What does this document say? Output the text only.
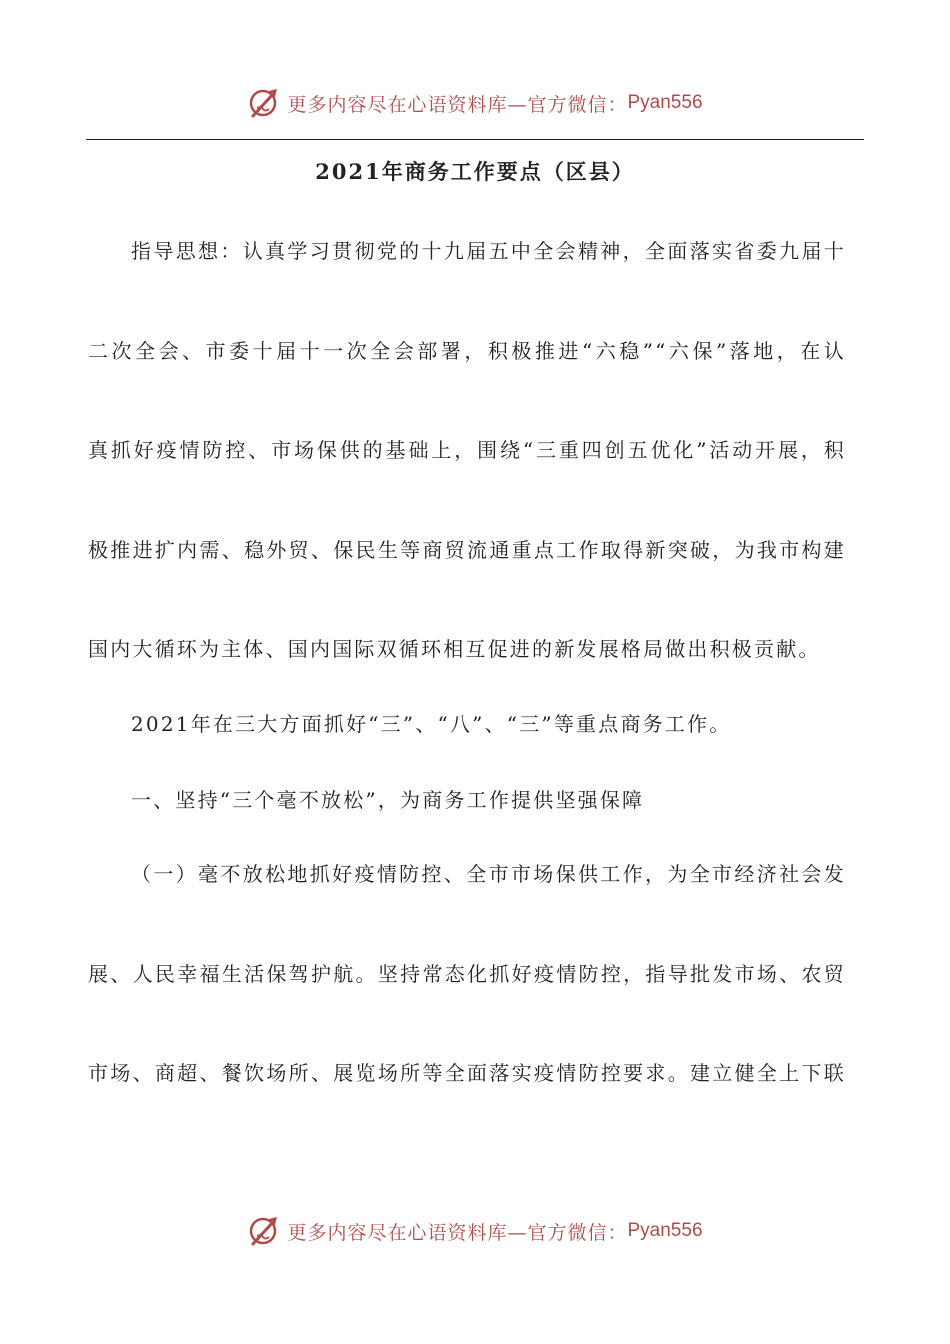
更多内容尽在心语资料库—官方微信： Pyan556
2021年商务工作要点（区县）
指导思想：认真学习贯彻党的十九届五中全会精神，全面落实省委九届十
二次全会、市委十届十一次全会部署，积极推进“六稳”“六保”落地，在认
真抓好疫情防控、市场保供的基础上，围绕“三重四创五优化”活动开展，积
极推进扩内需、稳外贸、保民生等商贸流通重点工作取得新突破，为我市构建
国内大循环为主体、国内国际双循环相互促进的新发展格局做出积极贡献。
2021年在三大方面抓好“三”、“八”、“三”等重点商务工作。
一、坚持“三个毫不放松”，为商务工作提供坚强保障
（一）毫不放松地抓好疫情防控、全市市场保供工作，为全市经济社会发
展、人民幸福生活保驾护航。坚持常态化抓好疫情防控，指导批发市场、农贸
市场、商超、餐饮场所、展览场所等全面落实疫情防控要求。建立健全上下联
更多内容尽在心语资料库—官方微信： Pyan556
